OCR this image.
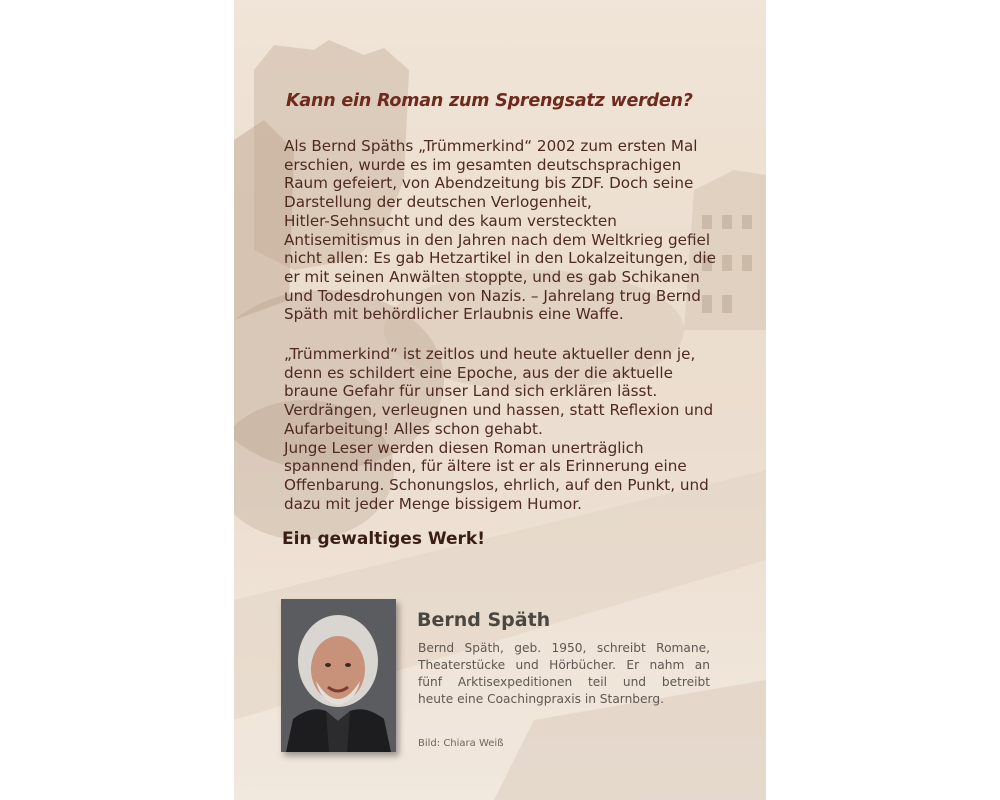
Kann ein Roman zum Sprengsatz werden?

Als Bernd Späths „Trümmerkind“ 2002 zum ersten Mal
erschien, wurde es im gesamten deutschsprachigen
Raum gefeiert, von Abendzeitung bis ZDF. Doch seine
Darstellung der deutschen Verlogenheit,
Hitler-Sehnsucht und des kaum versteckten
Antisemitismus in den Jahren nach dem Weltkrieg gefiel
nicht allen: Es gab Hetzartikel in den Lokalzeitungen, die
er mit seinen Anwälten stoppte, und es gab Schikanen
und Todesdrohungen von Nazis. – Jahrelang trug Bernd
Späth mit behördlicher Erlaubnis eine Waffe.

„Trümmerkind“ ist zeitlos und heute aktueller denn je,
denn es schildert eine Epoche, aus der die aktuelle
braune Gefahr für unser Land sich erklären lässt.
Verdrängen, verleugnen und hassen, statt Reflexion und
Aufarbeitung! Alles schon gehabt.
Junge Leser werden diesen Roman unerträglich
spannend finden, für ältere ist er als Erinnerung eine
Offenbarung. Schonungslos, ehrlich, auf den Punkt, und
dazu mit jeder Menge bissigem Humor.

Ein gewaltiges Werk!

Bernd Späth

Bernd Späth, geb. 1950, schreibt Romane,
Theaterstücke und Hörbücher. Er nahm an
fünf Arktisexpeditionen teil und betreibt
heute eine Coachingpraxis in Starnberg.

Bild: Chiara Weiß
